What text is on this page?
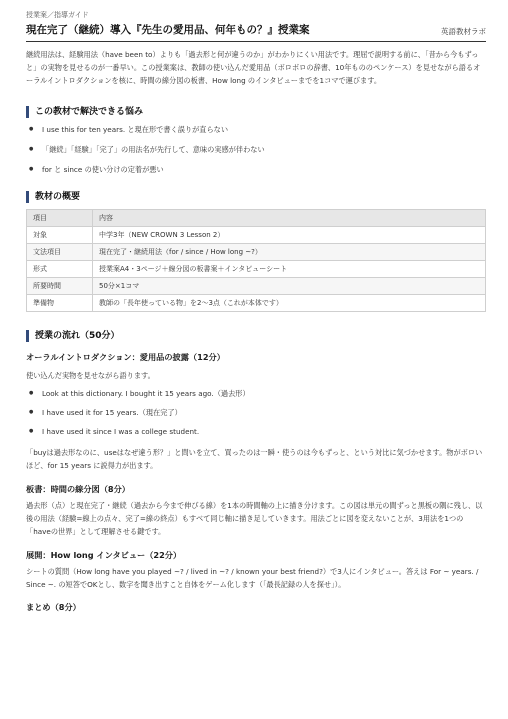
授業案／指導ガイド
現在完了（継続）導入『先生の愛用品、何年もの？』授業案	英語教材ラボ

継続用法は、経験用法（have been to）よりも「過去形と何が違うのか」がわかりにくい用法です。理屈で説明する前に、「昔から今もずっと」の実物を見せるのが一番早い。この授業案は、教師の使い込んだ愛用品（ボロボロの辞書、10年もののペンケース）を見せながら語るオーラルイントロダクションを核に、時間の線分図の板書、How long のインタビューまでを1コマで運びます。

この教材で解決できる悩み
● I use this for ten years. と現在形で書く誤りが直らない
● 「継続」「経験」「完了」の用法名が先行して、意味の実感が伴わない
● for と since の使い分けの定着が悪い
教材の概要
項目	内容
対象	中学3年（NEW CROWN 3 Lesson 2）
文法項目	現在完了・継続用法（for / since / How long ~?）
形式	授業案A4・3ページ＋線分図の板書案＋インタビューシート
所要時間	50分×1コマ
準備物	教師の「長年使っている物」を2～3点（これが本体です）
授業の流れ（50分）
オーラルイントロダクション：愛用品の披露（12分）

使い込んだ実物を見せながら語ります。

● Look at this dictionary. I bought it 15 years ago.（過去形）
● I have used it for 15 years.（現在完了）
● I have used it since I was a college student.

「buyは過去形なのに、useはなぜ違う形？」と問いを立て、買ったのは一瞬・使うのは今もずっと、という対比に気づかせます。物がボロいほど、for 15 years に説得力が出ます。

板書：時間の線分図（8分）

過去形（点）と現在完了・継続（過去から今まで伸びる線）を1本の時間軸の上に描き分けます。この図は単元の間ずっと黒板の隅に残し、以後の用法（経験=線上の点々、完了=線の終点）もすべて同じ軸に描き足していきます。用法ごとに図を変えないことが、3用法を1つの「haveの世界」として理解させる鍵です。

展開：How long インタビュー（22分）

シートの質問（How long have you played ~? / lived in ~? / known your best friend?）で3人にインタビュー。答えは For ~ years. / Since ~. の短答でOKとし、数字を聞き出すこと自体をゲーム化します（「最長記録の人を探せ」）。

まとめ（8分）
